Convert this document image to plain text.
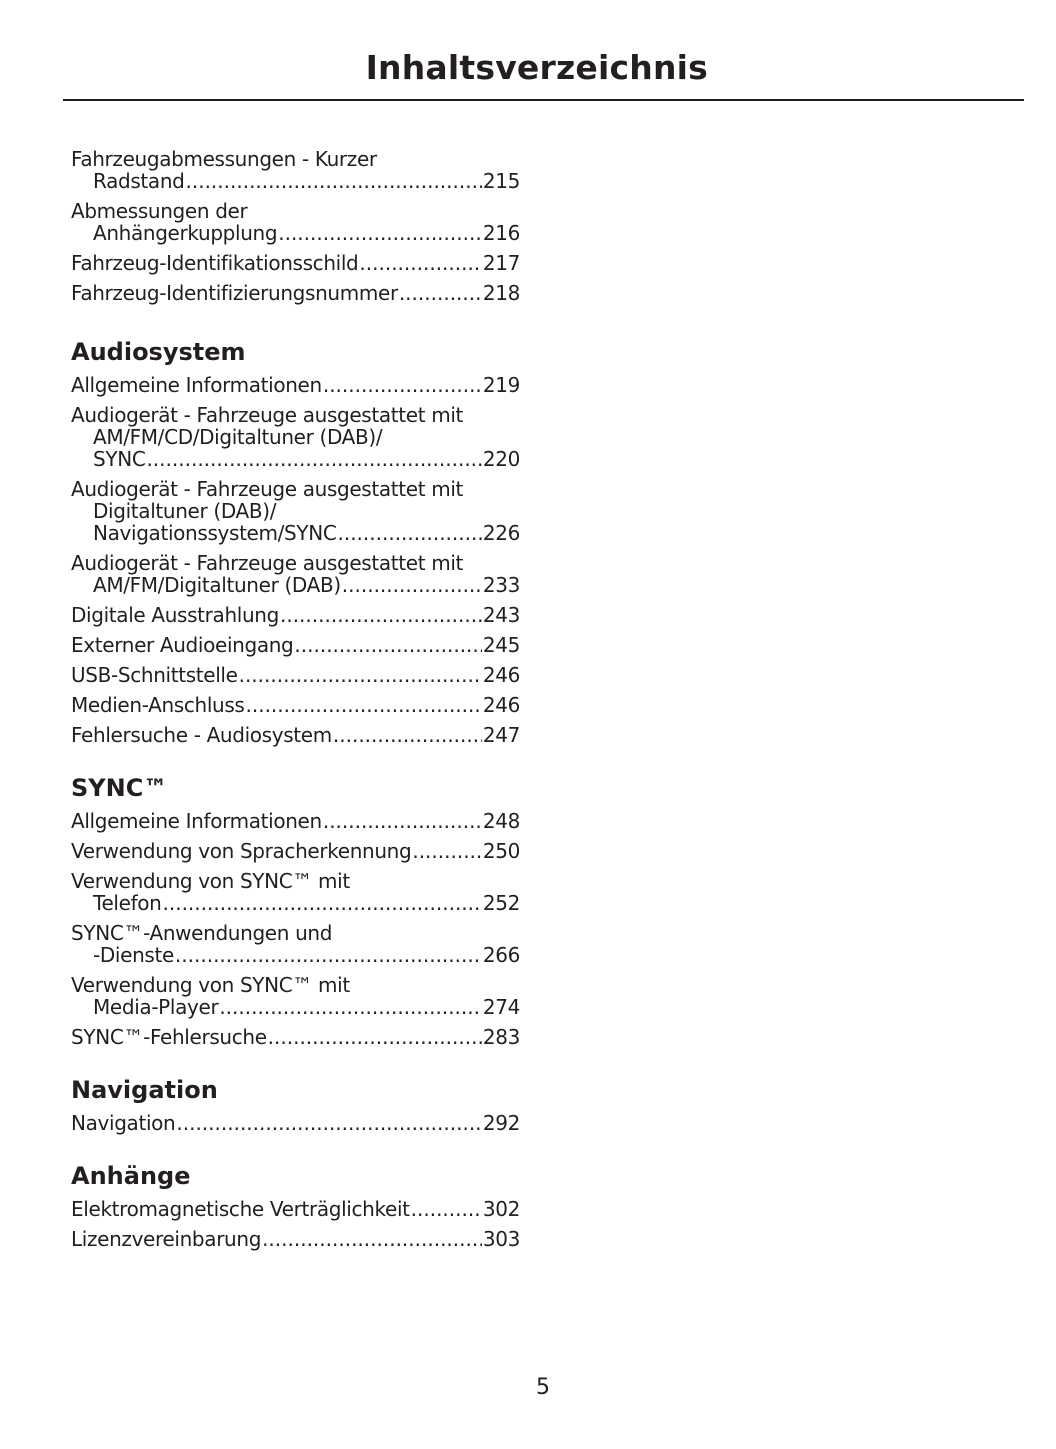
Inhaltsverzeichnis
Fahrzeugabmessungen - Kurzer
Radstand .....	215
Abmessungen der
Anhängerkupplung .....	216
Fahrzeug-Identifikationsschild .....	217
Fahrzeug-Identifizierungsnummer .....	218
Audiosystem
Allgemeine Informationen .....	219
Audiogerät - Fahrzeuge ausgestattet mit
AM/FM/CD/Digitaltuner (DAB)/
SYNC .....	220
Audiogerät - Fahrzeuge ausgestattet mit
Digitaltuner (DAB)/
Navigationssystem/SYNC .....	226
Audiogerät - Fahrzeuge ausgestattet mit
AM/FM/Digitaltuner (DAB) .....	233
Digitale Ausstrahlung .....	243
Externer Audioeingang .....	245
USB-Schnittstelle .....	246
Medien-Anschluss .....	246
Fehlersuche - Audiosystem .....	247
SYNC™
Allgemeine Informationen .....	248
Verwendung von Spracherkennung .....	250
Verwendung von SYNC™ mit
Telefon .....	252
SYNC™-Anwendungen und
-Dienste .....	266
Verwendung von SYNC™ mit
Media-Player .....	274
SYNC™-Fehlersuche .....	283
Navigation
Navigation .....	292
Anhänge
Elektromagnetische Verträglichkeit .....	302
Lizenzvereinbarung .....	303
5
